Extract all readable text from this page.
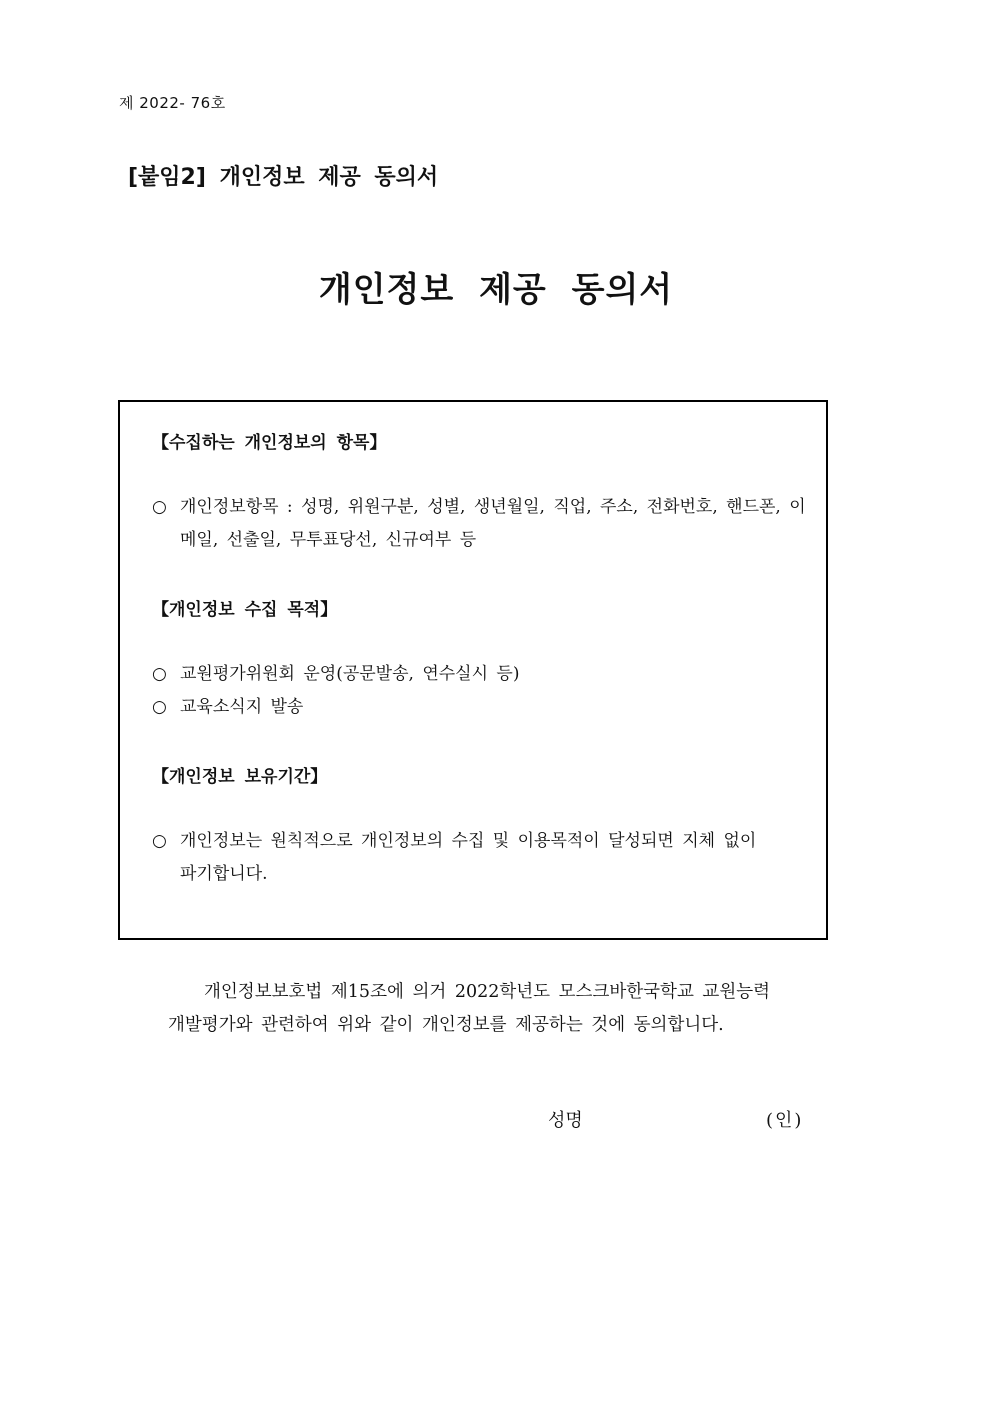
제 2022- 76호
[붙임2] 개인정보 제공 동의서
개인정보 제공 동의서

【수집하는 개인정보의 항목】

○ 개인정보항목 : 성명, 위원구분, 성별, 생년월일, 직업, 주소, 전화번호, 핸드폰, 이메일, 선출일, 무투표당선, 신규여부 등

【개인정보 수집 목적】

○ 교원평가위원회 운영(공문발송, 연수실시 등)

○ 교육소식지 발송

【개인정보 보유기간】

○ 개인정보는 원칙적으로 개인정보의 수집 및 이용목적이 달성되면 지체 없이 파기합니다.

개인정보보호법 제15조에 의거 2022학년도 모스크바한국학교 교원능력
개발평가와 관련하여 위와 같이 개인정보를 제공하는 것에 동의합니다.
성명	(인)
